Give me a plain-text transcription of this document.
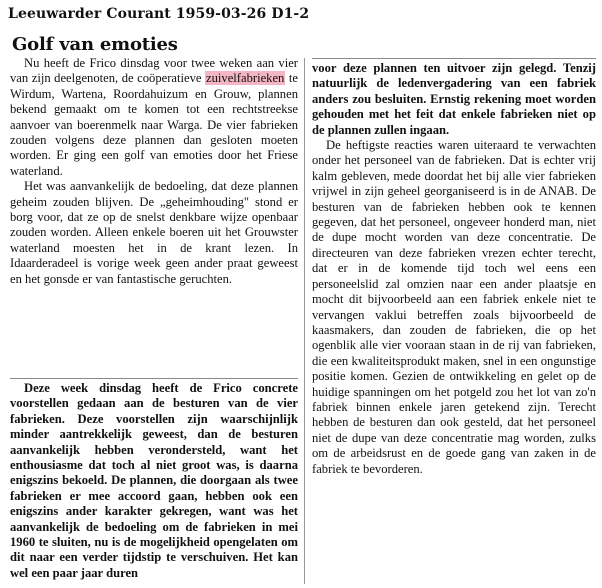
Leeuwarder Courant 1959-03-26 D1-2
Golf van emoties

Nu heeft de Frico dinsdag voor twee weken aan vier van zijn deelgenoten, de coöperatieve zuivelfabrieken te Wirdum, Wartena, Roordahuizum en Grouw, plannen bekend gemaakt om te komen tot een rechtstreekse aanvoer van boerenmelk naar Warga. De vier fabrieken zouden volgens deze plannen dan gesloten moeten worden. Er ging een golf van emoties door het Friese waterland.

Het was aanvankelijk de bedoeling, dat deze plannen geheim zouden blijven. De „geheimhouding" stond er borg voor, dat ze op de snelst denkbare wijze openbaar zouden worden. Alleen enkele boeren uit het Grouwster waterland moesten het in de krant lezen. In Idaarderadeel is vorige week geen ander praat geweest en het gonsde er van fantastische geruchten.

Deze week dinsdag heeft de Frico concrete voorstellen gedaan aan de besturen van de vier fabrieken. Deze voorstellen zijn waarschijnlijk minder aantrekkelijk geweest, dan de besturen aanvankelijk hebben verondersteld, want het enthousiasme dat toch al niet groot was, is daarna enigszins bekoeld. De plannen, die doorgaan als twee fabrieken er mee accoord gaan, hebben ook een enigszins ander karakter gekregen, want was het aanvankelijk de bedoeling om de fabrieken in mei 1960 te sluiten, nu is de mogelijkheid opengelaten om dit naar een verder tijdstip te verschuiven. Het kan wel een paar jaar duren

voor deze plannen ten uitvoer zijn gelegd. Tenzij natuurlijk de ledenvergadering van een fabriek anders zou besluiten. Ernstig rekening moet worden gehouden met het feit dat enkele fabrieken niet op de plannen zullen ingaan.

De heftigste reacties waren uiteraard te verwachten onder het personeel van de fabrieken. Dat is echter vrij kalm gebleven, mede doordat het bij alle vier fabrieken vrijwel in zijn geheel georganiseerd is in de ANAB. De besturen van de fabrieken hebben ook te kennen gegeven, dat het personeel, ongeveer honderd man, niet de dupe mocht worden van deze concentratie. De directeuren van deze fabrieken vrezen echter terecht, dat er in de komende tijd toch wel eens een personeelslid zal omzien naar een ander plaatsje en mocht dit bijvoorbeeld aan een fabriek enkele niet te vervangen vaklui betreffen zoals bijvoorbeeld de kaasmakers, dan zouden de fabrieken, die op het ogenblik alle vier vooraan staan in de rij van fabrieken, die een kwaliteitsprodukt maken, snel in een ongunstige positie komen. Gezien de ontwikkeling en gelet op de huidige spanningen om het potgeld zou het lot van zo'n fabriek binnen enkele jaren getekend zijn. Terecht hebben de besturen dan ook gesteld, dat het personeel niet de dupe van deze concentratie mag worden, zulks om de arbeidsrust en de goede gang van zaken in de fabriek te bevorderen.
